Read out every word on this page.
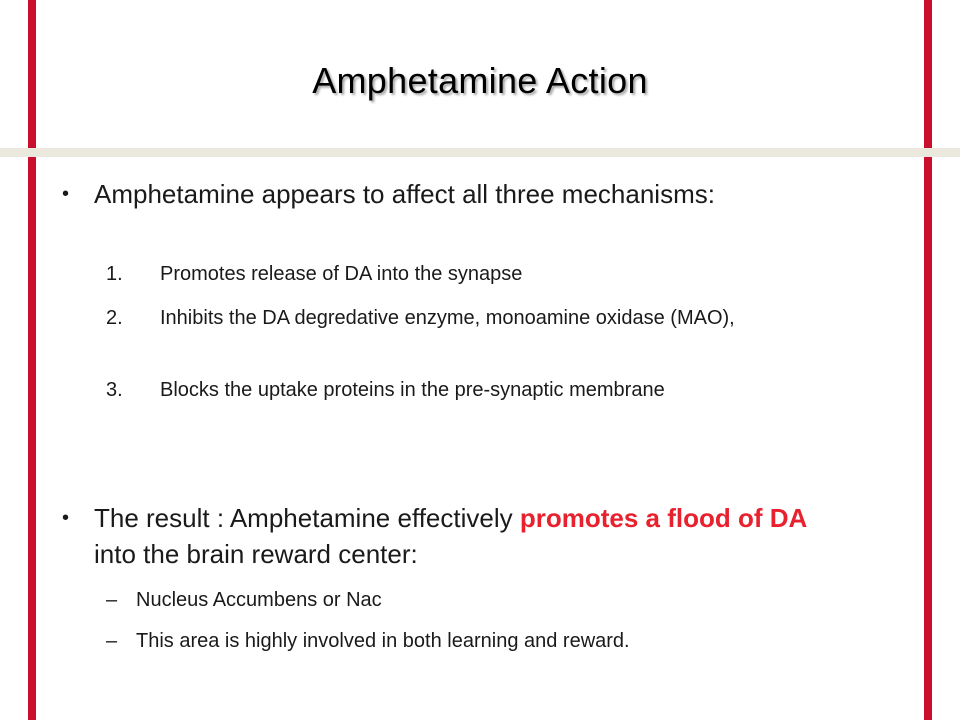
Amphetamine Action
• Amphetamine appears to affect all three mechanisms:
1. Promotes release of DA into the synapse
2. Inhibits the DA degredative enzyme, monoamine oxidase (MAO),
3. Blocks the uptake proteins in the pre-synaptic membrane
• The result : Amphetamine effectively promotes a flood of DA into the brain reward center:
– Nucleus Accumbens or Nac
– This area is highly involved in both learning and reward.
